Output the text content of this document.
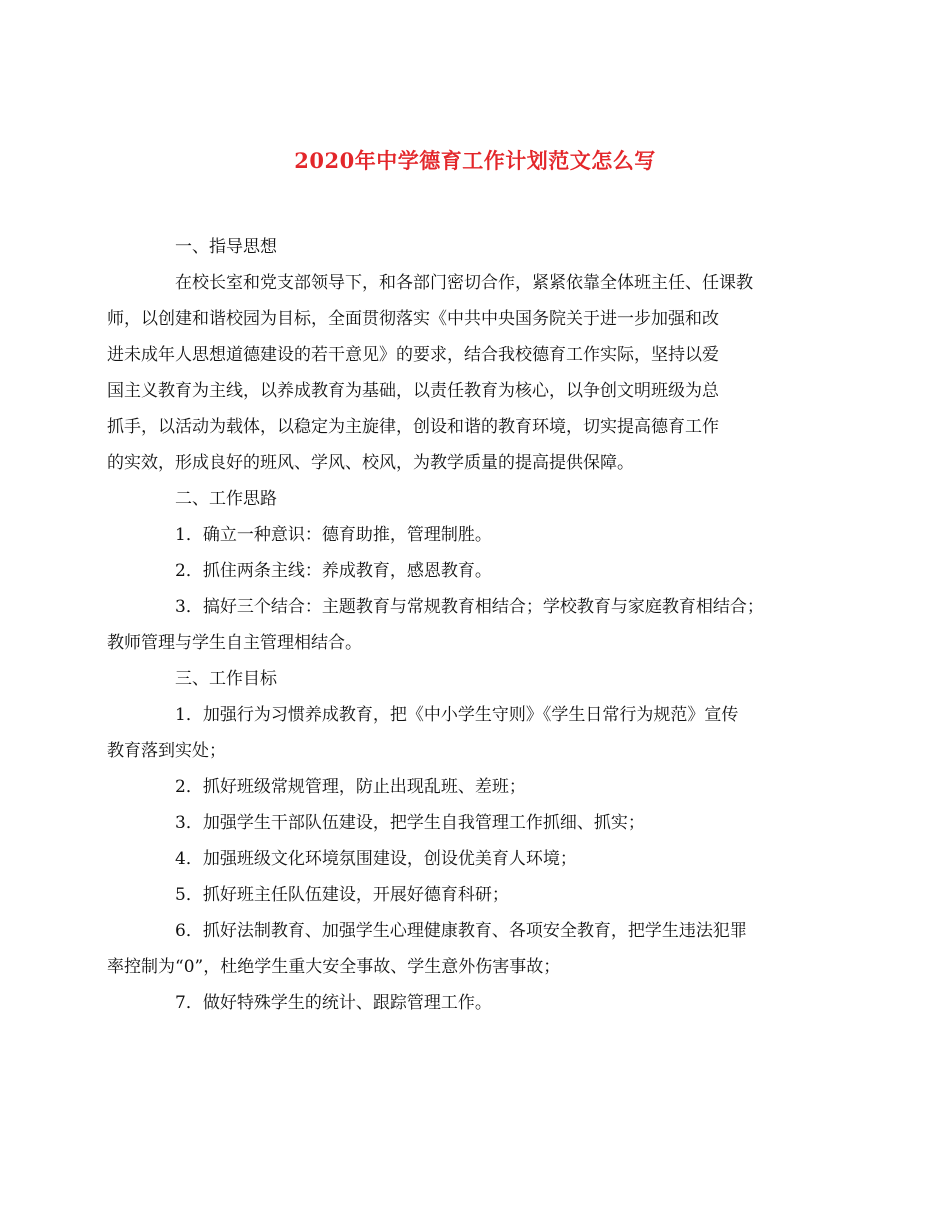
2020年中学德育工作计划范文怎么写
一、指导思想

在校长室和党支部领导下，和各部门密切合作，紧紧依靠全体班主任、任课教
师，以创建和谐校园为目标，全面贯彻落实《中共中央国务院关于进一步加强和改
进未成年人思想道德建设的若干意见》的要求，结合我校德育工作实际，坚持以爱
国主义教育为主线，以养成教育为基础，以责任教育为核心，以争创文明班级为总
抓手，以活动为载体，以稳定为主旋律，创设和谐的教育环境，切实提高德育工作
的实效，形成良好的班风、学风、校风，为教学质量的提高提供保障。

二、工作思路

1．确立一种意识：德育助推，管理制胜。

2．抓住两条主线：养成教育，感恩教育。

3．搞好三个结合：主题教育与常规教育相结合；学校教育与家庭教育相结合；
教师管理与学生自主管理相结合。

三、工作目标

1．加强行为习惯养成教育，把《中小学生守则》《学生日常行为规范》宣传
教育落到实处；

2．抓好班级常规管理，防止出现乱班、差班；

3．加强学生干部队伍建设，把学生自我管理工作抓细、抓实；

4．加强班级文化环境氛围建设，创设优美育人环境；

5．抓好班主任队伍建设，开展好德育科研；

6．抓好法制教育、加强学生心理健康教育、各项安全教育，把学生违法犯罪
率控制为“0”，杜绝学生重大安全事故、学生意外伤害事故；

7．做好特殊学生的统计、跟踪管理工作。
